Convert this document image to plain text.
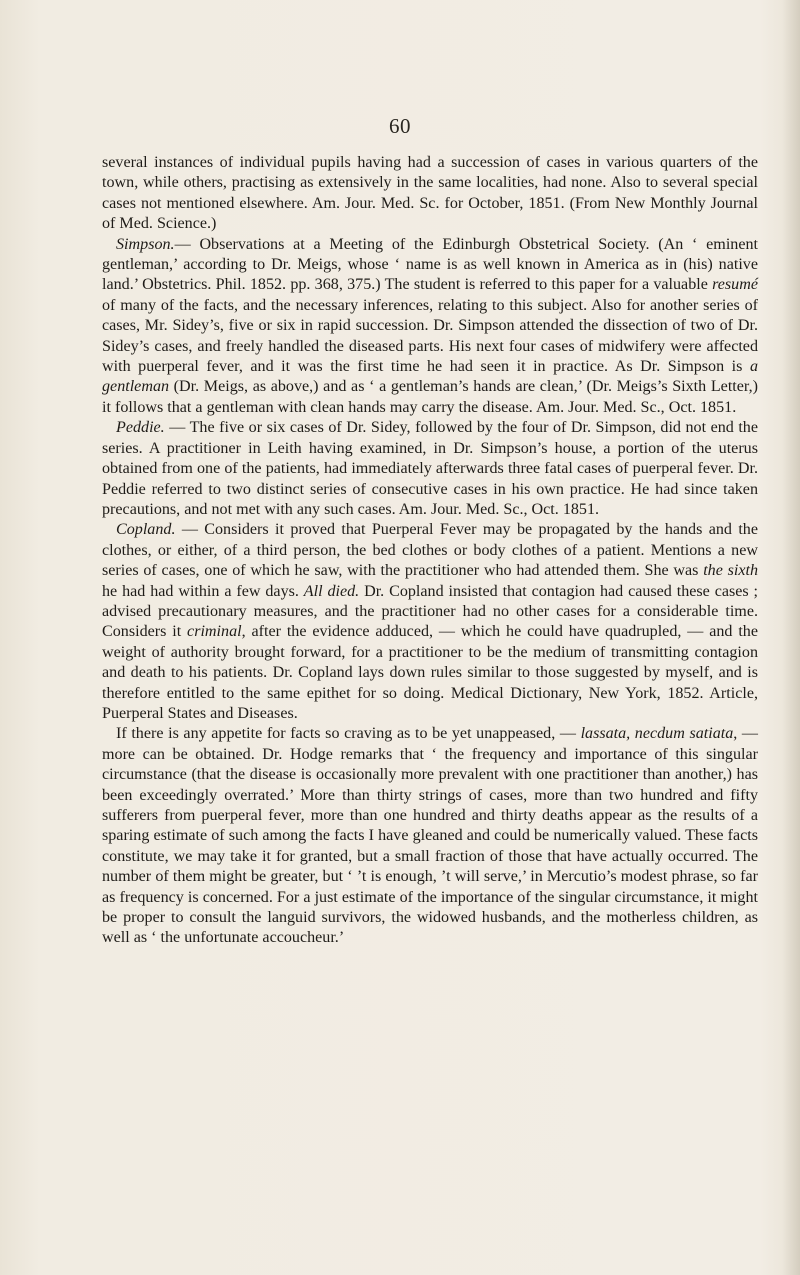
60

several instances of individual pupils having had a succession of cases in various quarters of the town, while others, practising as extensively in the same localities, had none. Also to several special cases not mentioned elsewhere. Am. Jour. Med. Sc. for October, 1851. (From New Monthly Journal of Med. Science.)

Simpson.— Observations at a Meeting of the Edinburgh Obstetrical Society. (An ‘ eminent gentleman,’ according to Dr. Meigs, whose ‘ name is as well known in America as in (his) native land.’ Obstetrics. Phil. 1852. pp. 368, 375.) The student is referred to this paper for a valuable resumé of many of the facts, and the necessary inferences, relating to this subject. Also for another series of cases, Mr. Sidey’s, five or six in rapid succession. Dr. Simpson attended the dissection of two of Dr. Sidey’s cases, and freely handled the diseased parts. His next four cases of midwifery were affected with puerperal fever, and it was the first time he had seen it in practice. As Dr. Simpson is a gentleman (Dr. Meigs, as above,) and as ‘ a gentleman’s hands are clean,’ (Dr. Meigs’s Sixth Letter,) it follows that a gentleman with clean hands may carry the disease. Am. Jour. Med. Sc., Oct. 1851.

Peddie. — The five or six cases of Dr. Sidey, followed by the four of Dr. Simpson, did not end the series. A practitioner in Leith having examined, in Dr. Simpson’s house, a portion of the uterus obtained from one of the patients, had immediately afterwards three fatal cases of puerperal fever. Dr. Peddie referred to two distinct series of consecutive cases in his own practice. He had since taken precautions, and not met with any such cases. Am. Jour. Med. Sc., Oct. 1851.

Copland. — Considers it proved that Puerperal Fever may be propagated by the hands and the clothes, or either, of a third person, the bed clothes or body clothes of a patient. Mentions a new series of cases, one of which he saw, with the practitioner who had attended them. She was the sixth he had had within a few days. All died. Dr. Copland insisted that contagion had caused these cases ; advised precautionary measures, and the practitioner had no other cases for a considerable time. Considers it criminal, after the evidence adduced, — which he could have quadrupled, — and the weight of authority brought forward, for a practitioner to be the medium of transmitting contagion and death to his patients. Dr. Copland lays down rules similar to those suggested by myself, and is therefore entitled to the same epithet for so doing. Medical Dictionary, New York, 1852. Article, Puerperal States and Diseases.

If there is any appetite for facts so craving as to be yet unappeased, — lassata, necdum satiata, — more can be obtained. Dr. Hodge remarks that ‘ the frequency and importance of this singular circumstance (that the disease is occasionally more prevalent with one practitioner than another,) has been exceedingly overrated.’ More than thirty strings of cases, more than two hundred and fifty sufferers from puerperal fever, more than one hundred and thirty deaths appear as the results of a sparing estimate of such among the facts I have gleaned and could be numerically valued. These facts constitute, we may take it for granted, but a small fraction of those that have actually occurred. The number of them might be greater, but ‘ ’t is enough, ’t will serve,’ in Mercutio’s modest phrase, so far as frequency is concerned. For a just estimate of the importance of the singular circumstance, it might be proper to consult the languid survivors, the widowed husbands, and the motherless children, as well as ‘ the unfortunate accoucheur.’
